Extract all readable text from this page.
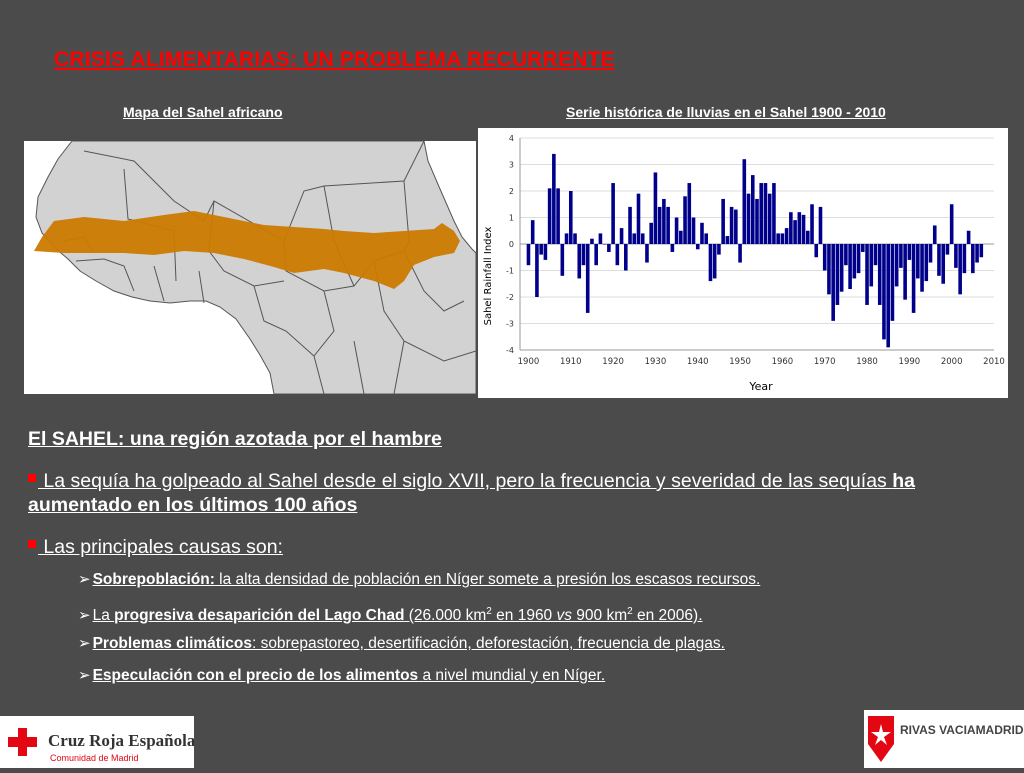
CRISIS ALIMENTARIAS: UN PROBLEMA RECURRENTE
Mapa del Sahel africano	Serie histórica de lluvias en el Sahel 1900 - 2010
4
3
2
1
0
-1
-2
-3
-4
1900 1910 1920 1930 1940 1950 1960 1970 1980 1990 2000 2010
Year
Sahel Rainfall Index
El SAHEL: una región azotada por el hambre
La sequía ha golpeado al Sahel desde el siglo XVII, pero la frecuencia y severidad de las sequías ha aumentado en los últimos 100 años
Las principales causas son:
➢ Sobrepoblación: la alta densidad de población en Níger somete a presión los escasos recursos.
➢ La progresiva desaparición del Lago Chad (26.000 $km^2$ en 1960 vs 900 $km^2$ en 2006).
➢ Problemas climáticos: sobrepastoreo, desertificación, deforestación, frecuencia de plagas.
➢ Especulación con el precio de los alimentos a nivel mundial y en Níger.
Cruz Roja Española
Comunidad de Madrid
RIVAS VACIAMADRID
